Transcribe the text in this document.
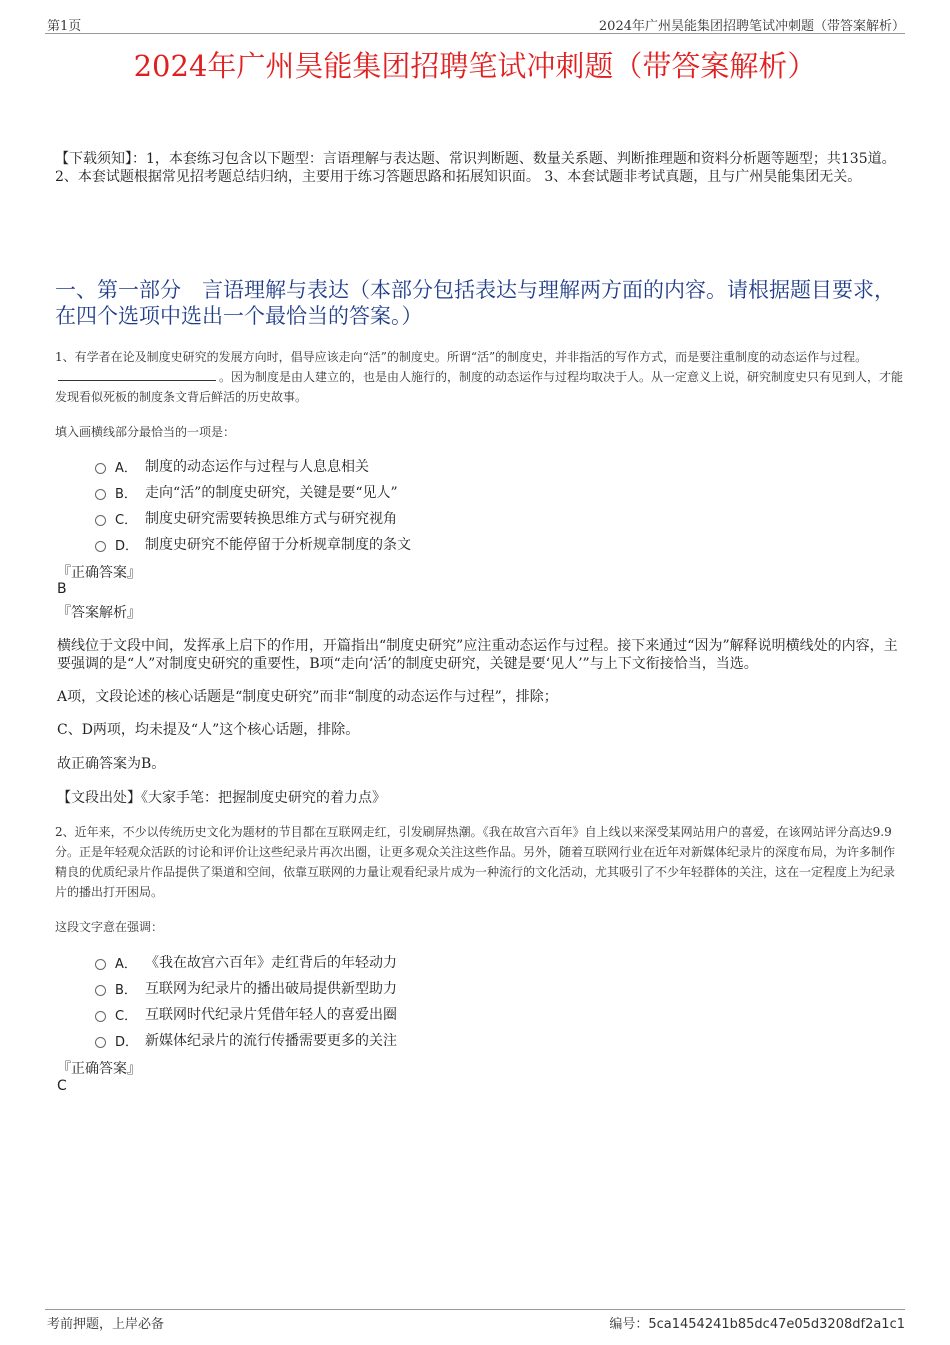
第1页	2024年广州昊能集团招聘笔试冲刺题（带答案解析）
2024年广州昊能集团招聘笔试冲刺题（带答案解析）
【下载须知】：1，本套练习包含以下题型：言语理解与表达题、常识判断题、数量关系题、判断推理题和资料分析题等题型；共135道。 2、本套试题根据常见招考题总结归纳，主要用于练习答题思路和拓展知识面。 3、本套试题非考试真题，且与广州昊能集团无关。
一、第一部分　言语理解与表达（本部分包括表达与理解两方面的内容。请根据题目要求，在四个选项中选出一个最恰当的答案。）
1、有学者在论及制度史研究的发展方向时，倡导应该走向“活”的制度史。所谓“活”的制度史，并非指活的写作方式，而是要注重制度的动态运作与过程。。因为制度是由人建立的，也是由人施行的，制度的动态运作与过程均取决于人。从一定意义上说，研究制度史只有见到人，才能发现看似死板的制度条文背后鲜活的历史故事。
填入画横线部分最恰当的一项是：
A． 制度的动态运作与过程与人息息相关
B． 走向“活”的制度史研究，关键是要“见人”
C． 制度史研究需要转换思维方式与研究视角
D． 制度史研究不能停留于分析规章制度的条文
『正确答案』
B
『答案解析』
横线位于文段中间，发挥承上启下的作用，开篇指出“制度史研究”应注重动态运作与过程。接下来通过“因为”解释说明横线处的内容，主要强调的是“人”对制度史研究的重要性，B项“走向‘活’的制度史研究，关键是要‘见人’”与上下文衔接恰当，当选。
A项，文段论述的核心话题是“制度史研究”而非“制度的动态运作与过程”，排除；
C、D两项，均未提及“人”这个核心话题，排除。
故正确答案为B。
【文段出处】《大家手笔：把握制度史研究的着力点》
2、近年来，不少以传统历史文化为题材的节目都在互联网走红，引发刷屏热潮。《我在故宫六百年》自上线以来深受某网站用户的喜爱，在该网站评分高达9.9分。正是年轻观众活跃的讨论和评价让这些纪录片再次出圈，让更多观众关注这些作品。另外，随着互联网行业在近年对新媒体纪录片的深度布局，为许多制作精良的优质纪录片作品提供了渠道和空间，依靠互联网的力量让观看纪录片成为一种流行的文化活动，尤其吸引了不少年轻群体的关注，这在一定程度上为纪录片的播出打开困局。
这段文字意在强调：
A． 《我在故宫六百年》走红背后的年轻动力
B． 互联网为纪录片的播出破局提供新型助力
C． 互联网时代纪录片凭借年轻人的喜爱出圈
D． 新媒体纪录片的流行传播需要更多的关注
『正确答案』
C
考前押题，上岸必备	编号：5ca1454241b85dc47e05d3208df2a1c1
